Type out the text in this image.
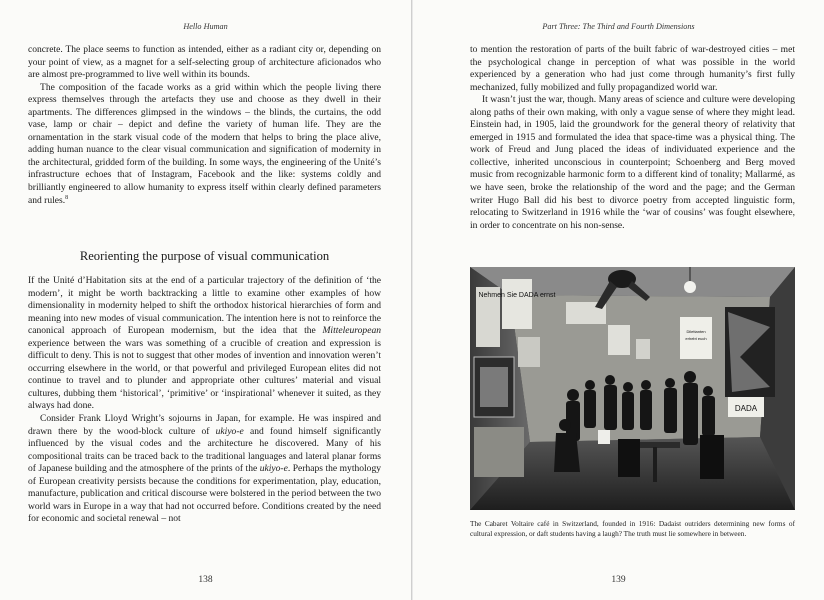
Hello Human

concrete. The place seems to function as intended, either as a radiant city or, depending on your point of view, as a magnet for a self-selecting group of architecture aficionados who are almost pre-programmed to live well within its bounds.

The composition of the facade works as a grid within which the people living there express themselves through the artefacts they use and choose as they dwell in their apartments. The differences glimpsed in the windows – the blinds, the curtains, the odd vase, lamp or chair – depict and define the variety of human life. They are the ornamentation in the stark visual code of the modern that helps to bring the place alive, adding human nuance to the clear visual communication and signification of modernity in the architectural, gridded form of the building. In some ways, the engineering of the Unité’s infrastructure echoes that of Instagram, Facebook and the like: systems coldly and brilliantly engineered to allow humanity to express itself within clearly defined parameters and rules.$^8$

Reorienting the purpose of visual communication

If the Unité d’Habitation sits at the end of a particular trajectory of the definition of ‘the modern’, it might be worth backtracking a little to examine other examples of how dimensionality in modernity helped to shift the orthodox historical hierarchies of form and meaning into new modes of visual communication. The intention here is not to reinforce the canonical approach of European modernism, but the idea that the Mitteleuropean experience between the wars was something of a crucible of creation and expression is difficult to deny. This is not to suggest that other modes of invention and innovation weren’t occurring elsewhere in the world, or that powerful and privileged European elites did not continue to travel and to plunder and appropriate other cultures’ material and visual cultures, dubbing them ‘historical’, ‘primitive’ or ‘inspirational’ whenever it suited, as they always had done.

Consider Frank Lloyd Wright’s sojourns in Japan, for example. He was inspired and drawn there by the wood-block culture of ukiyo-e and found himself significantly influenced by the visual codes and the architecture he discovered. Many of his compositional traits can be traced back to the traditional languages and lateral planar forms of Japanese building and the atmosphere of the prints of the ukiyo-e. Perhaps the mythology of European creativity persists because the conditions for experimentation, play, education, manufacture, publication and critical discourse were bolstered in the period between the two world wars in Europe in a way that had not occurred before. Conditions created by the need for economic and societal renewal – not

138
Part Three: The Third and Fourth Dimensions

to mention the restoration of parts of the built fabric of war-destroyed cities – met the psychological change in perception of what was possible in the world experienced by a generation who had just come through humanity’s first fully mechanized, fully mobilized and fully propagandized world war.

It wasn’t just the war, though. Many areas of science and culture were developing along paths of their own making, with only a vague sense of where they might lead. Einstein had, in 1905, laid the groundwork for the general theory of relativity that emerged in 1915 and formulated the idea that space-time was a physical thing. The work of Freud and Jung placed the ideas of individuated experience and the collective, inherited unconscious in counterpoint; Schoenberg and Berg moved music from recognizable harmonic form to a different kind of tonality; Mallarmé, as we have seen, broke the relationship of the word and the page; and the German writer Hugo Ball did his best to divorce poetry from accepted linguistic form, relocating to Switzerland in 1916 while the ‘war of cousins’ was fought elsewhere, in order to concentrate on his non-sense.

Nehmen Sie DADA ernst
Dilettanten
erhebt euch
DADA
The Cabaret Voltaire café in Switzerland, founded in 1916: Dadaist outriders determining new forms of cultural expression, or daft students having a laugh? The truth must lie somewhere in between.
139
